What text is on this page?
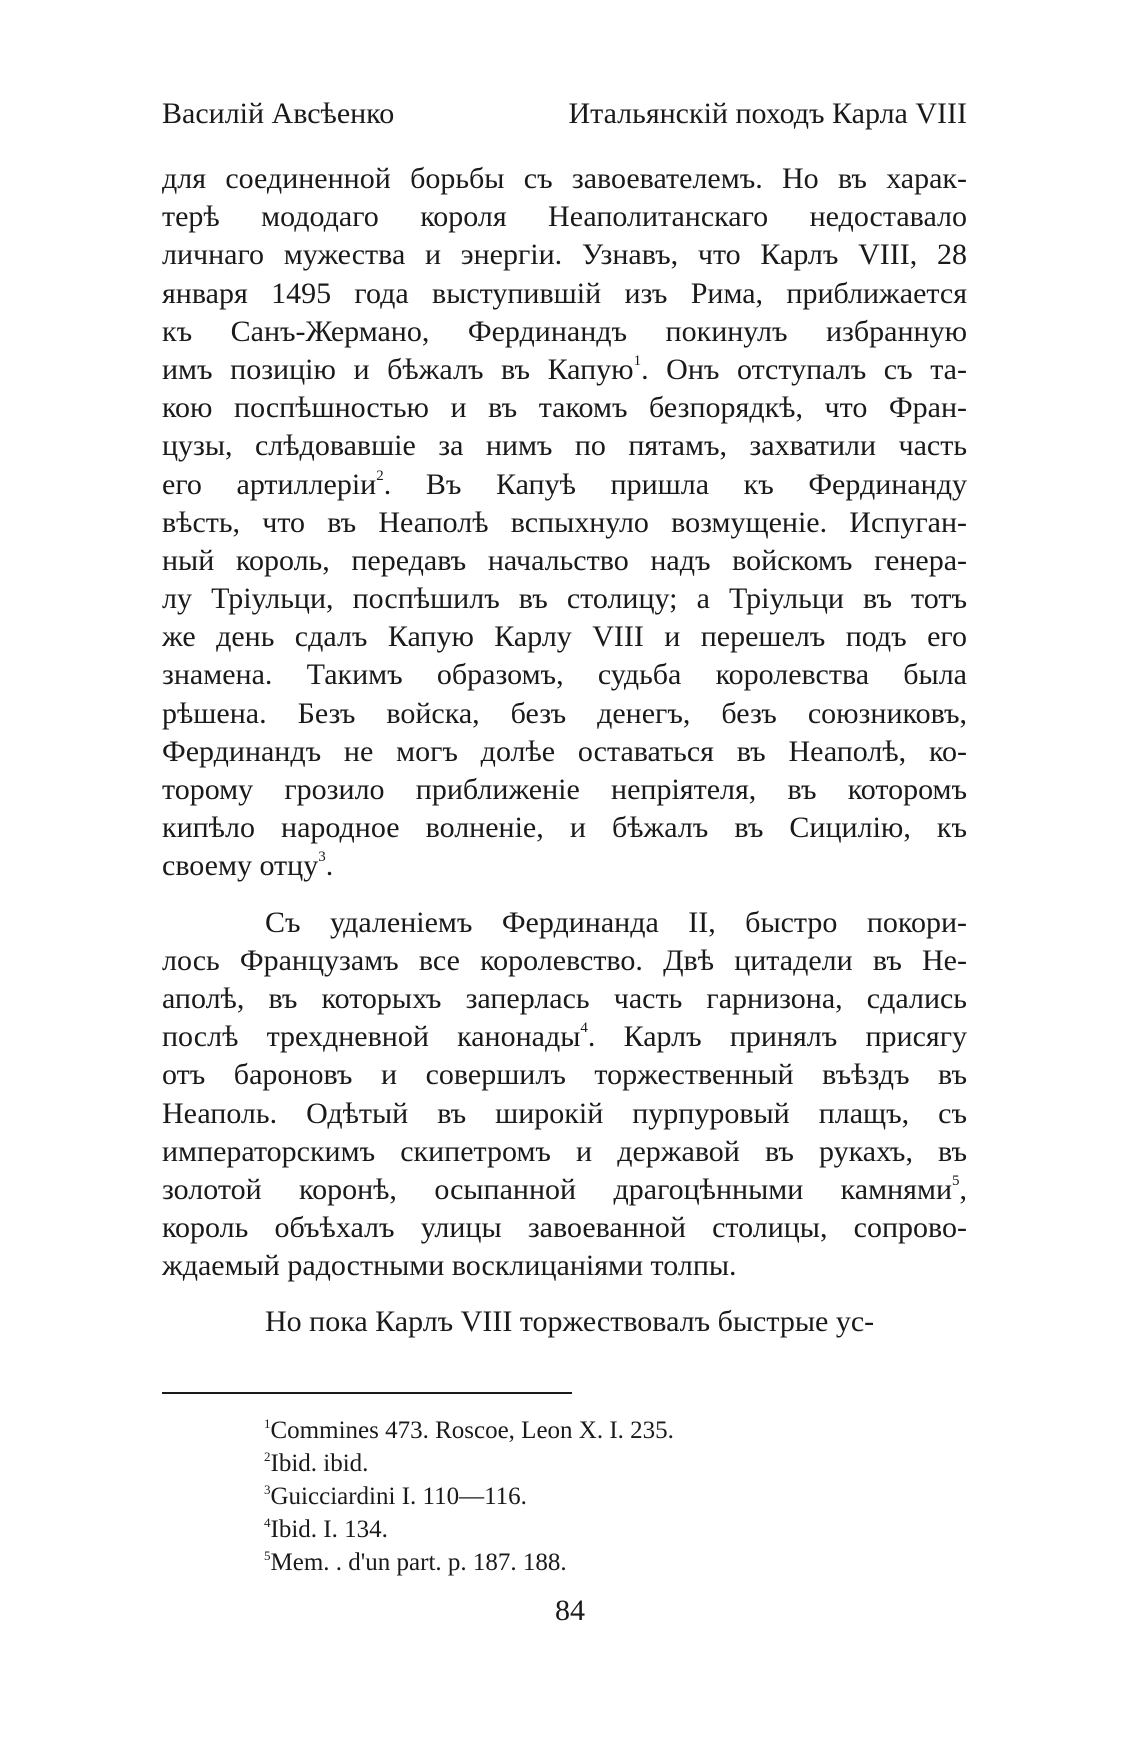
Василій Авсѣенко	Итальянскій походъ Карла VIII
для соединенной борьбы съ завоевателемъ. Но въ харак-
терѣ мододаго короля Неаполитанскаго недоставало
личнаго мужества и энергіи. Узнавъ, что Карлъ VIII, 28
января 1495 года выступившій изъ Рима, приближается
къ Санъ-Жермано, Фердинандъ покинулъ избранную
имъ позицію и бѣжалъ въ Капую$^1$. Онъ отступалъ съ та-
кою поспѣшностью и въ такомъ безпорядкѣ, что Фран-
цузы, слѣдовавшіе за нимъ по пятамъ, захватили часть
его артиллеріи$^2$. Въ Капуѣ пришла къ Фердинанду
вѣсть, что въ Неаполѣ вспыхнуло возмущеніе. Испуган-
ный король, передавъ начальство надъ войскомъ генера-
лу Тріульци, поспѣшилъ въ столицу; а Тріульци въ тотъ
же день сдалъ Капую Карлу VIII и перешелъ подъ его
знамена. Такимъ образомъ, судьба королевства была
рѣшена. Безъ войска, безъ денегъ, безъ союзниковъ,
Фердинандъ не могъ долѣе оставаться въ Неаполѣ, ко-
торому грозило приближеніе непріятеля, въ которомъ
кипѣло народное волненіе, и бѣжалъ въ Сицилію, къ
своему отцу$^3$.
Съ удаленіемъ Фердинанда II, быстро покори-
лось Французамъ все королевство. Двѣ цитадели въ Не-
аполѣ, въ которыхъ заперлась часть гарнизона, сдались
послѣ трехдневной канонады$^4$. Карлъ принялъ присягу
отъ бароновъ и совершилъ торжественный въѣздъ въ
Неаполь. Одѣтый въ широкій пурпуровый плащъ, съ
императорскимъ скипетромъ и державой въ рукахъ, въ
золотой коронѣ, осыпанной драгоцѣнными камнями$^5$,
король объѣхалъ улицы завоеванной столицы, сопрово-
ждаемый радостными восклицаніями толпы.
Но пока Карлъ VIII торжествовалъ быстрые ус-
$^1$Commines 473. Roscoe, Leon X. I. 235.
$^2$Ibid. ibid.
$^3$Guicciardini I. 110—116.
$^4$Ibid. I. 134.
$^5$Mem. . d'un part. p. 187. 188.
84
